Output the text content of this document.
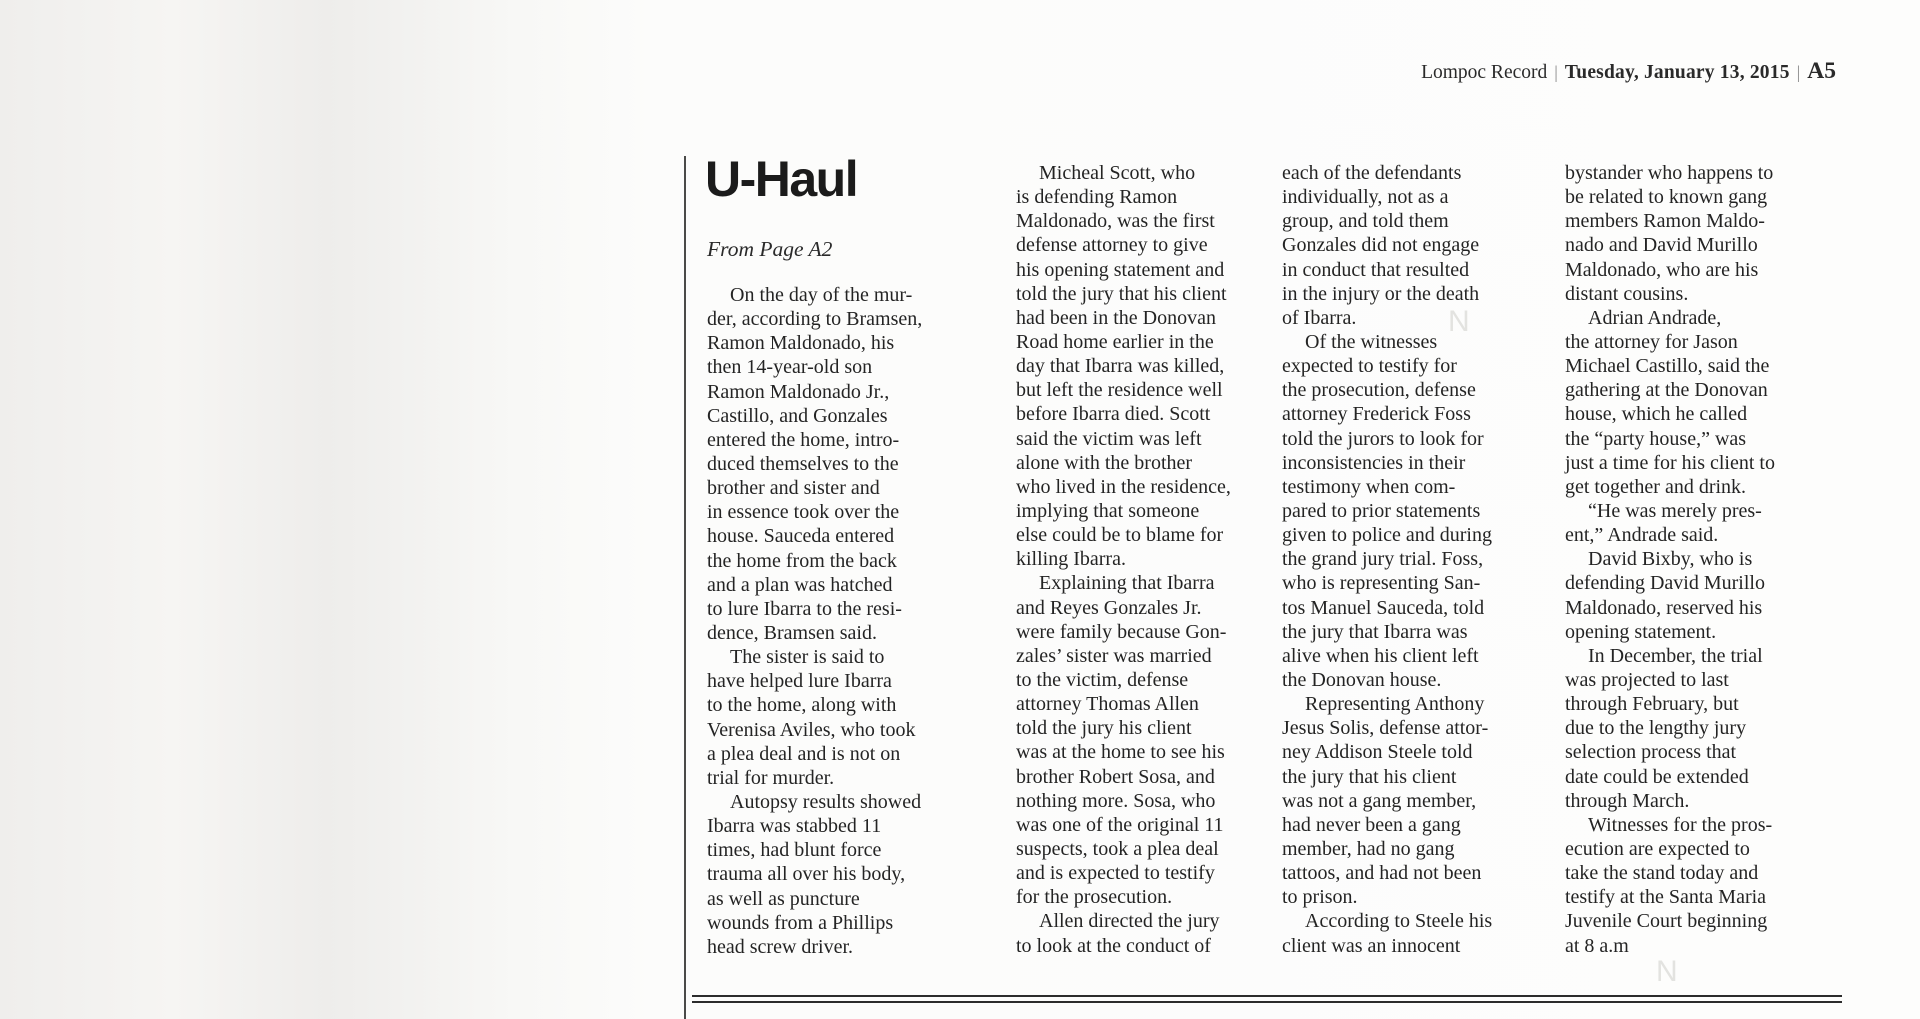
Lompoc Record | Tuesday, January 13, 2015 | A5
U-Haul
From Page A2
On the day of the mur-
der, according to Bramsen,
Ramon Maldonado, his
then 14-year-old son
Ramon Maldonado Jr.,
Castillo, and Gonzales
entered the home, intro-
duced themselves to the
brother and sister and
in essence took over the
house. Sauceda entered
the home from the back
and a plan was hatched
to lure Ibarra to the resi-
dence, Bramsen said.
The sister is said to
have helped lure Ibarra
to the home, along with
Verenisa Aviles, who took
a plea deal and is not on
trial for murder.
Autopsy results showed
Ibarra was stabbed 11
times, had blunt force
trauma all over his body,
as well as puncture
wounds from a Phillips
head screw driver.
Micheal Scott, who
is defending Ramon
Maldonado, was the first
defense attorney to give
his opening statement and
told the jury that his client
had been in the Donovan
Road home earlier in the
day that Ibarra was killed,
but left the residence well
before Ibarra died. Scott
said the victim was left
alone with the brother
who lived in the residence,
implying that someone
else could be to blame for
killing Ibarra.
Explaining that Ibarra
and Reyes Gonzales Jr.
were family because Gon-
zales’ sister was married
to the victim, defense
attorney Thomas Allen
told the jury his client
was at the home to see his
brother Robert Sosa, and
nothing more. Sosa, who
was one of the original 11
suspects, took a plea deal
and is expected to testify
for the prosecution.
Allen directed the jury
to look at the conduct of
each of the defendants
individually, not as a
group, and told them
Gonzales did not engage
in conduct that resulted
in the injury or the death
of Ibarra.
Of the witnesses
expected to testify for
the prosecution, defense
attorney Frederick Foss
told the jurors to look for
inconsistencies in their
testimony when com-
pared to prior statements
given to police and during
the grand jury trial. Foss,
who is representing San-
tos Manuel Sauceda, told
the jury that Ibarra was
alive when his client left
the Donovan house.
Representing Anthony
Jesus Solis, defense attor-
ney Addison Steele told
the jury that his client
was not a gang member,
had never been a gang
member, had no gang
tattoos, and had not been
to prison.
According to Steele his
client was an innocent
bystander who happens to
be related to known gang
members Ramon Maldo-
nado and David Murillo
Maldonado, who are his
distant cousins.
Adrian Andrade,
the attorney for Jason
Michael Castillo, said the
gathering at the Donovan
house, which he called
the “party house,” was
just a time for his client to
get together and drink.
“He was merely pres-
ent,” Andrade said.
David Bixby, who is
defending David Murillo
Maldonado, reserved his
opening statement.
In December, the trial
was projected to last
through February, but
due to the lengthy jury
selection process that
date could be extended
through March.
Witnesses for the pros-
ecution are expected to
take the stand today and
testify at the Santa Maria
Juvenile Court beginning
at 8 a.m
N
N
